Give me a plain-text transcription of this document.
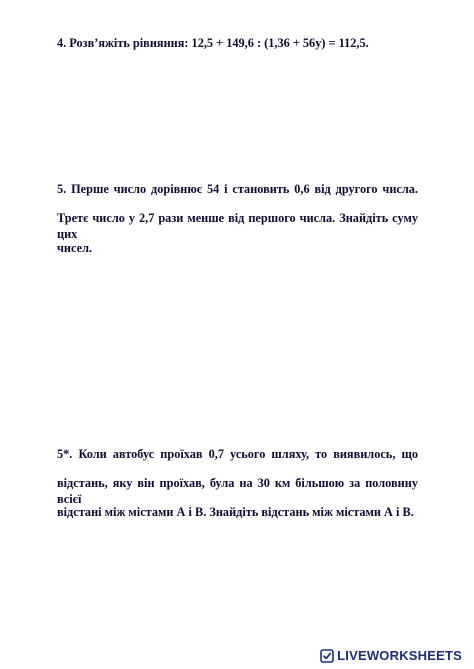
4. Розв’яжіть рівняння: 12,5 + 149,6 : (1,36 + 56у) = 112,5.

5. Перше число дорівнює 54 і становить 0,6 від другого числа.

Третє число у 2,7 рази менше від першого числа. Знайдіть суму цих

чисел.

5*. Коли автобус проїхав 0,7 усього шляху, то виявилось, що

відстань, яку він проїхав, була на 30 км більшою за половину всієї

відстані між містами А і В. Знайдіть відстань між містами А і В.

LIVEWORKSHEETS
